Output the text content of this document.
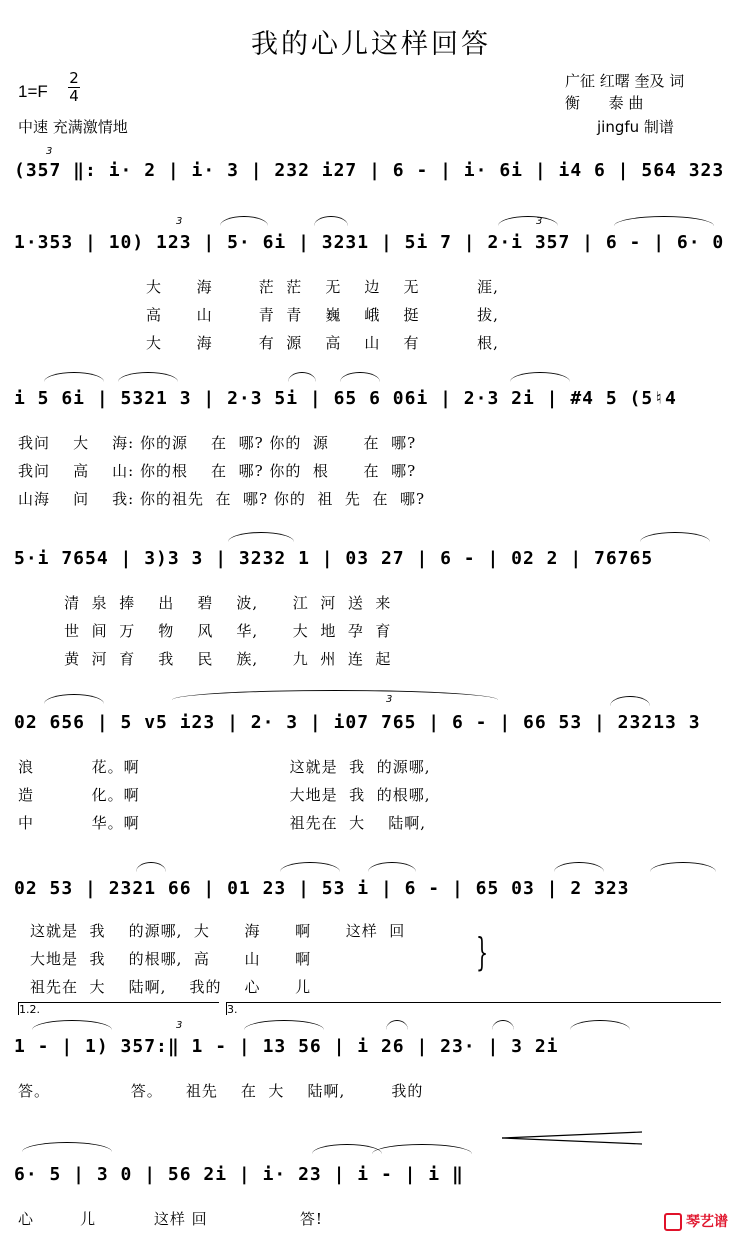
我的心儿这样回答
1=F
2
4
中速 充满激情地
广征 红曙 奎及 词
衡      泰 曲
jingfu 制谱
(357 ‖: i· 2 | i· 3 | 232 i27 | 6 - | i· 6i | i4 6 | 564 323
3
1·353 | 10) 123 | 5· 6i | 3231 | 5i 7 | 2·i 357 | 6 - | 6· 0
3	3
大      海        茫  茫    无    边    无          涯,
高      山        青  青    巍    峨    挺          拔,
大      海        有  源    高    山    有          根,
i 5 6i | 5321 3 | 2·3 5i | 65 6 06i | 2·3 2i | #4 5 (5♮4
我问    大    海: 你的源    在  哪? 你的  源      在  哪?
我问    高    山: 你的根    在  哪? 你的  根      在  哪?
山海    问    我: 你的祖先  在  哪? 你的  祖  先  在  哪?
5·i 7654 | 3)3 3 | 3232 1 | 03 27 | 6 - | 02 2 | 76765
清  泉  捧    出    碧    波,      江  河  送  来
世  间  万    物    风    华,      大  地  孕  育
黄  河  育    我    民    族,      九  州  连  起
02 656 | 5 v5 i23 | 2· 3 | i07 765 | 6 - | 66 53 | 23213 3
3
浪          花。啊                          这就是  我  的源哪,
造          化。啊                          大地是  我  的根哪,
中          华。啊                          祖先在  大    陆啊,
02 53 | 2321 66 | 01 23 | 53 i | 6 - | 65 03 | 2 323
这就是  我    的源哪,  大      海      啊      这样  回
大地是  我    的根哪,  高      山      啊
祖先在  大    陆啊,    我的    心      儿
}
1.2.	3.
1 - | 1) 357:‖ 1 - | 13 56 | i 26 | 23· | 3 2i
3
答。              答。    祖先    在  大    陆啊,        我的
6· 5 | 3 0 | 56 2i | i· 23 | i - | i ‖
心        儿          这样 回                答!	琴艺谱
